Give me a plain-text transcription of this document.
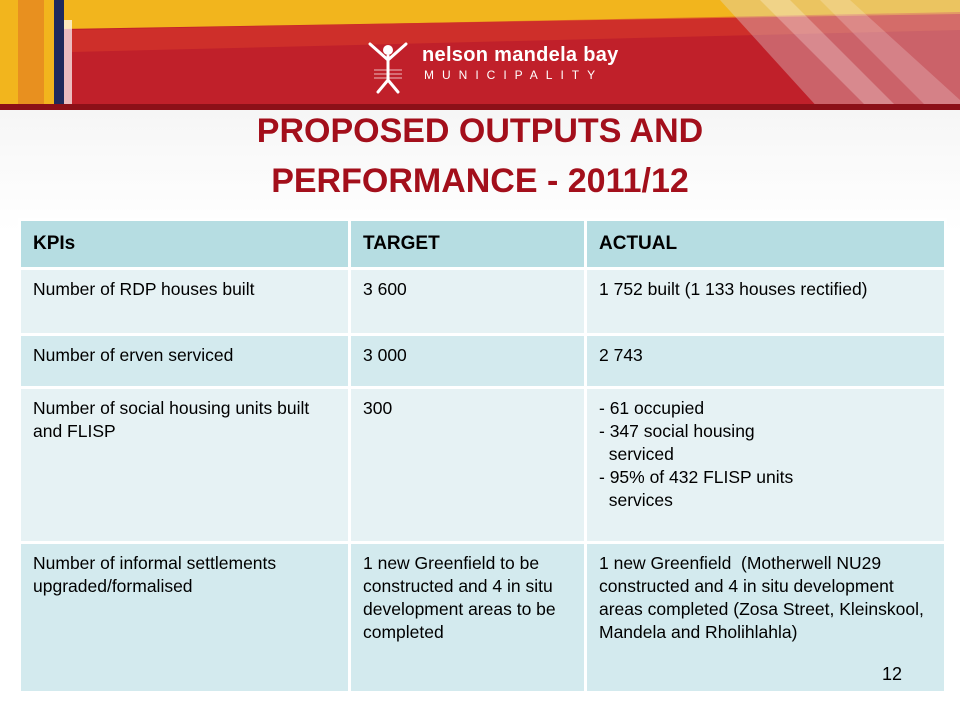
nelson mandela bay
MUNICIPALITY
PROPOSED OUTPUTS AND
PERFORMANCE - 2011/12
KPIs	TARGET	ACTUAL
Number of RDP houses built	3 600	1 752 built (1 133 houses rectified)

Number of erven serviced	3 000	2 743

Number of social housing units built and FLISP	300	- 61 occupied
- 347 social housing
serviced
- 95% of 432 FLISP units
services

Number of informal settlements upgraded/formalised	1 new Greenfield to be constructed and 4 in situ development areas to be completed	1 new Greenfield  (Motherwell NU29 constructed and 4 in situ development areas completed (Zosa Street, Kleinskool, Mandela and Rholihlahla)
12
